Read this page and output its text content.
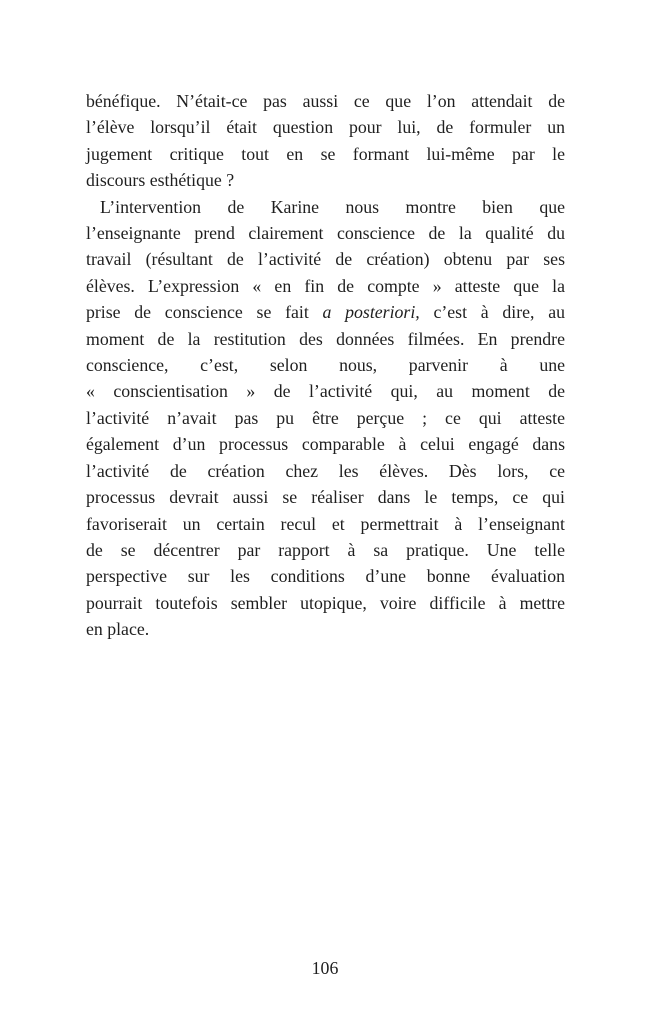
bénéfique. N’était-ce pas aussi ce que l’on attendait de
l’élève lorsqu’il était question pour lui, de formuler un
jugement critique tout en se formant lui-même par le
discours esthétique ?
L’intervention de Karine nous montre bien que
l’enseignante prend clairement conscience de la qualité du
travail (résultant de l’activité de création) obtenu par ses
élèves. L’expression « en fin de compte » atteste que la
prise de conscience se fait a posteriori, c’est à dire, au
moment de la restitution des données filmées. En prendre
conscience, c’est, selon nous, parvenir à une
« conscientisation » de l’activité qui, au moment de
l’activité n’avait pas pu être perçue ; ce qui atteste
également d’un processus comparable à celui engagé dans
l’activité de création chez les élèves. Dès lors, ce
processus devrait aussi se réaliser dans le temps, ce qui
favoriserait un certain recul et permettrait à l’enseignant
de se décentrer par rapport à sa pratique. Une telle
perspective sur les conditions d’une bonne évaluation
pourrait toutefois sembler utopique, voire difficile à mettre
en place.
106
